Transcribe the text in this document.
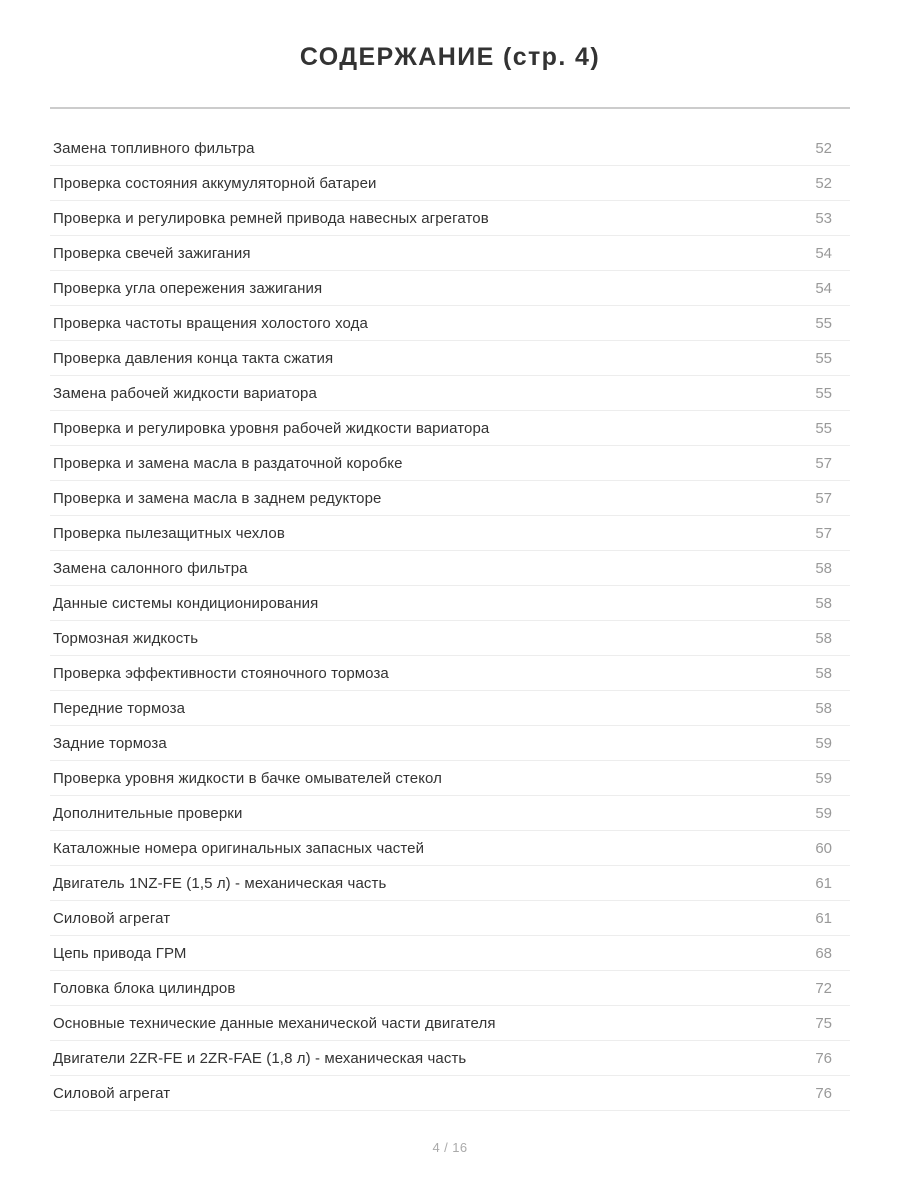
СОДЕРЖАНИЕ (стр. 4)
Замена топливного фильтра	52
Проверка состояния аккумуляторной батареи	52
Проверка и регулировка ремней привода навесных агрегатов	53
Проверка свечей зажигания	54
Проверка угла опережения зажигания	54
Проверка частоты вращения холостого хода	55
Проверка давления конца такта сжатия	55
Замена рабочей жидкости вариатора	55
Проверка и регулировка уровня рабочей жидкости вариатора	55
Проверка и замена масла в раздаточной коробке	57
Проверка и замена масла в заднем редукторе	57
Проверка пылезащитных чехлов	57
Замена салонного фильтра	58
Данные системы кондиционирования	58
Тормозная жидкость	58
Проверка эффективности стояночного тормоза	58
Передние тормоза	58
Задние тормоза	59
Проверка уровня жидкости в бачке омывателей стекол	59
Дополнительные проверки	59
Каталожные номера оригинальных запасных частей	60
Двигатель 1NZ-FE (1,5 л) - механическая часть	61
Силовой агрегат	61
Цепь привода ГРМ	68
Головка блока цилиндров	72
Основные технические данные механической части двигателя	75
Двигатели 2ZR-FE и 2ZR-FAE (1,8 л) - механическая часть	76
Силовой агрегат	76
4 / 16
